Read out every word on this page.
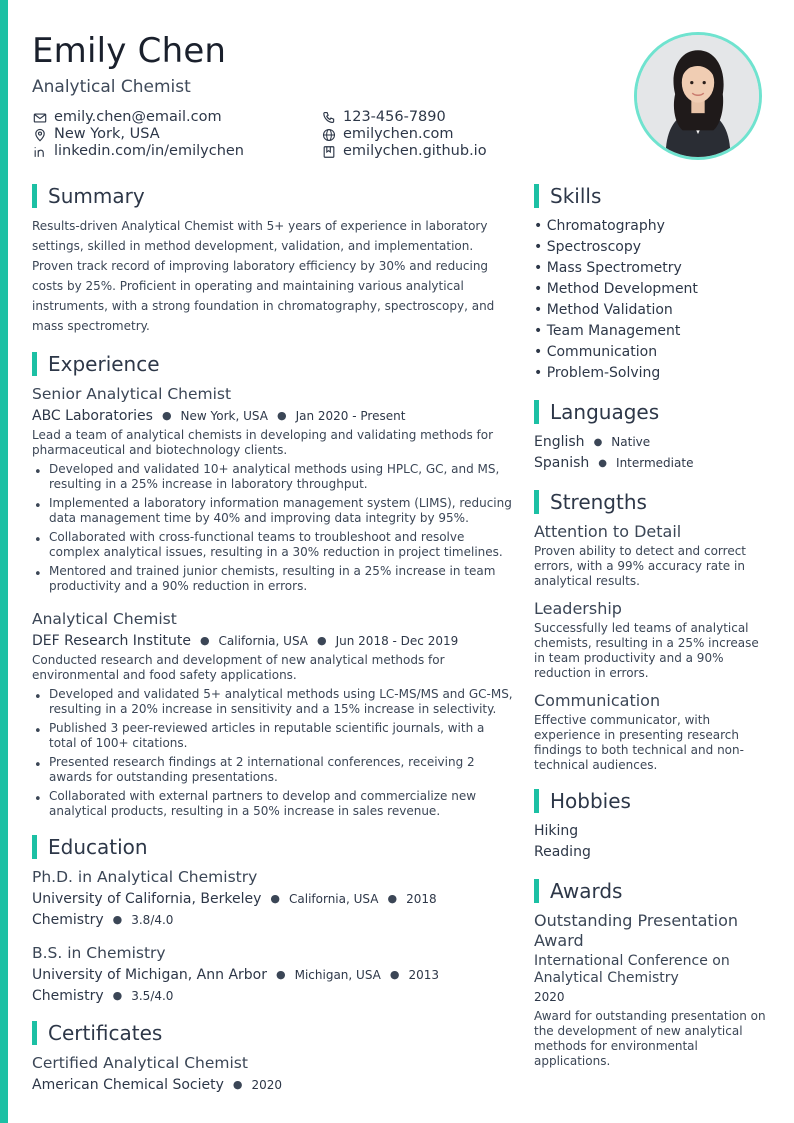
Emily Chen
Analytical Chemist
emily.chen@email.com	123-456-7890
New York, USA	emilychen.com
linkedin.com/in/emilychen	emilychen.github.io
Summary

Results-driven Analytical Chemist with 5+ years of experience in laboratory settings, skilled in method development, validation, and implementation. Proven track record of improving laboratory efficiency by 30% and reducing costs by 25%. Proficient in operating and maintaining various analytical instruments, with a strong foundation in chromatography, spectroscopy, and mass spectrometry.

Experience
Senior Analytical Chemist
ABC Laboratories ● New York, USA ● Jan 2020 - Present
Lead a team of analytical chemists in developing and validating methods for pharmaceutical and biotechnology clients.
• Developed and validated 10+ analytical methods using HPLC, GC, and MS, resulting in a 25% increase in laboratory throughput.
• Implemented a laboratory information management system (LIMS), reducing data management time by 40% and improving data integrity by 95%.
• Collaborated with cross-functional teams to troubleshoot and resolve complex analytical issues, resulting in a 30% reduction in project timelines.
• Mentored and trained junior chemists, resulting in a 25% increase in team productivity and a 90% reduction in errors.
Analytical Chemist
DEF Research Institute ● California, USA ● Jun 2018 - Dec 2019
Conducted research and development of new analytical methods for environmental and food safety applications.
• Developed and validated 5+ analytical methods using LC-MS/MS and GC-MS, resulting in a 20% increase in sensitivity and a 15% increase in selectivity.
• Published 3 peer-reviewed articles in reputable scientific journals, with a total of 100+ citations.
• Presented research findings at 2 international conferences, receiving 2 awards for outstanding presentations.
• Collaborated with external partners to develop and commercialize new analytical products, resulting in a 50% increase in sales revenue.
Education
Ph.D. in Analytical Chemistry
University of California, Berkeley ● California, USA ● 2018
Chemistry ● 3.8/4.0
B.S. in Chemistry
University of Michigan, Ann Arbor ● Michigan, USA ● 2013
Chemistry ● 3.5/4.0
Certificates
Certified Analytical Chemist
American Chemical Society ● 2020
Skills
• Chromatography
• Spectroscopy
• Mass Spectrometry
• Method Development
• Method Validation
• Team Management
• Communication
• Problem-Solving
Languages
English ● Native
Spanish ● Intermediate
Strengths
Attention to Detail
Proven ability to detect and correct errors, with a 99% accuracy rate in analytical results.
Leadership
Successfully led teams of analytical chemists, resulting in a 25% increase in team productivity and a 90% reduction in errors.
Communication
Effective communicator, with experience in presenting research findings to both technical and non-technical audiences.
Hobbies
Hiking
Reading
Awards
Outstanding Presentation Award
International Conference on Analytical Chemistry
2020
Award for outstanding presentation on the development of new analytical methods for environmental applications.
